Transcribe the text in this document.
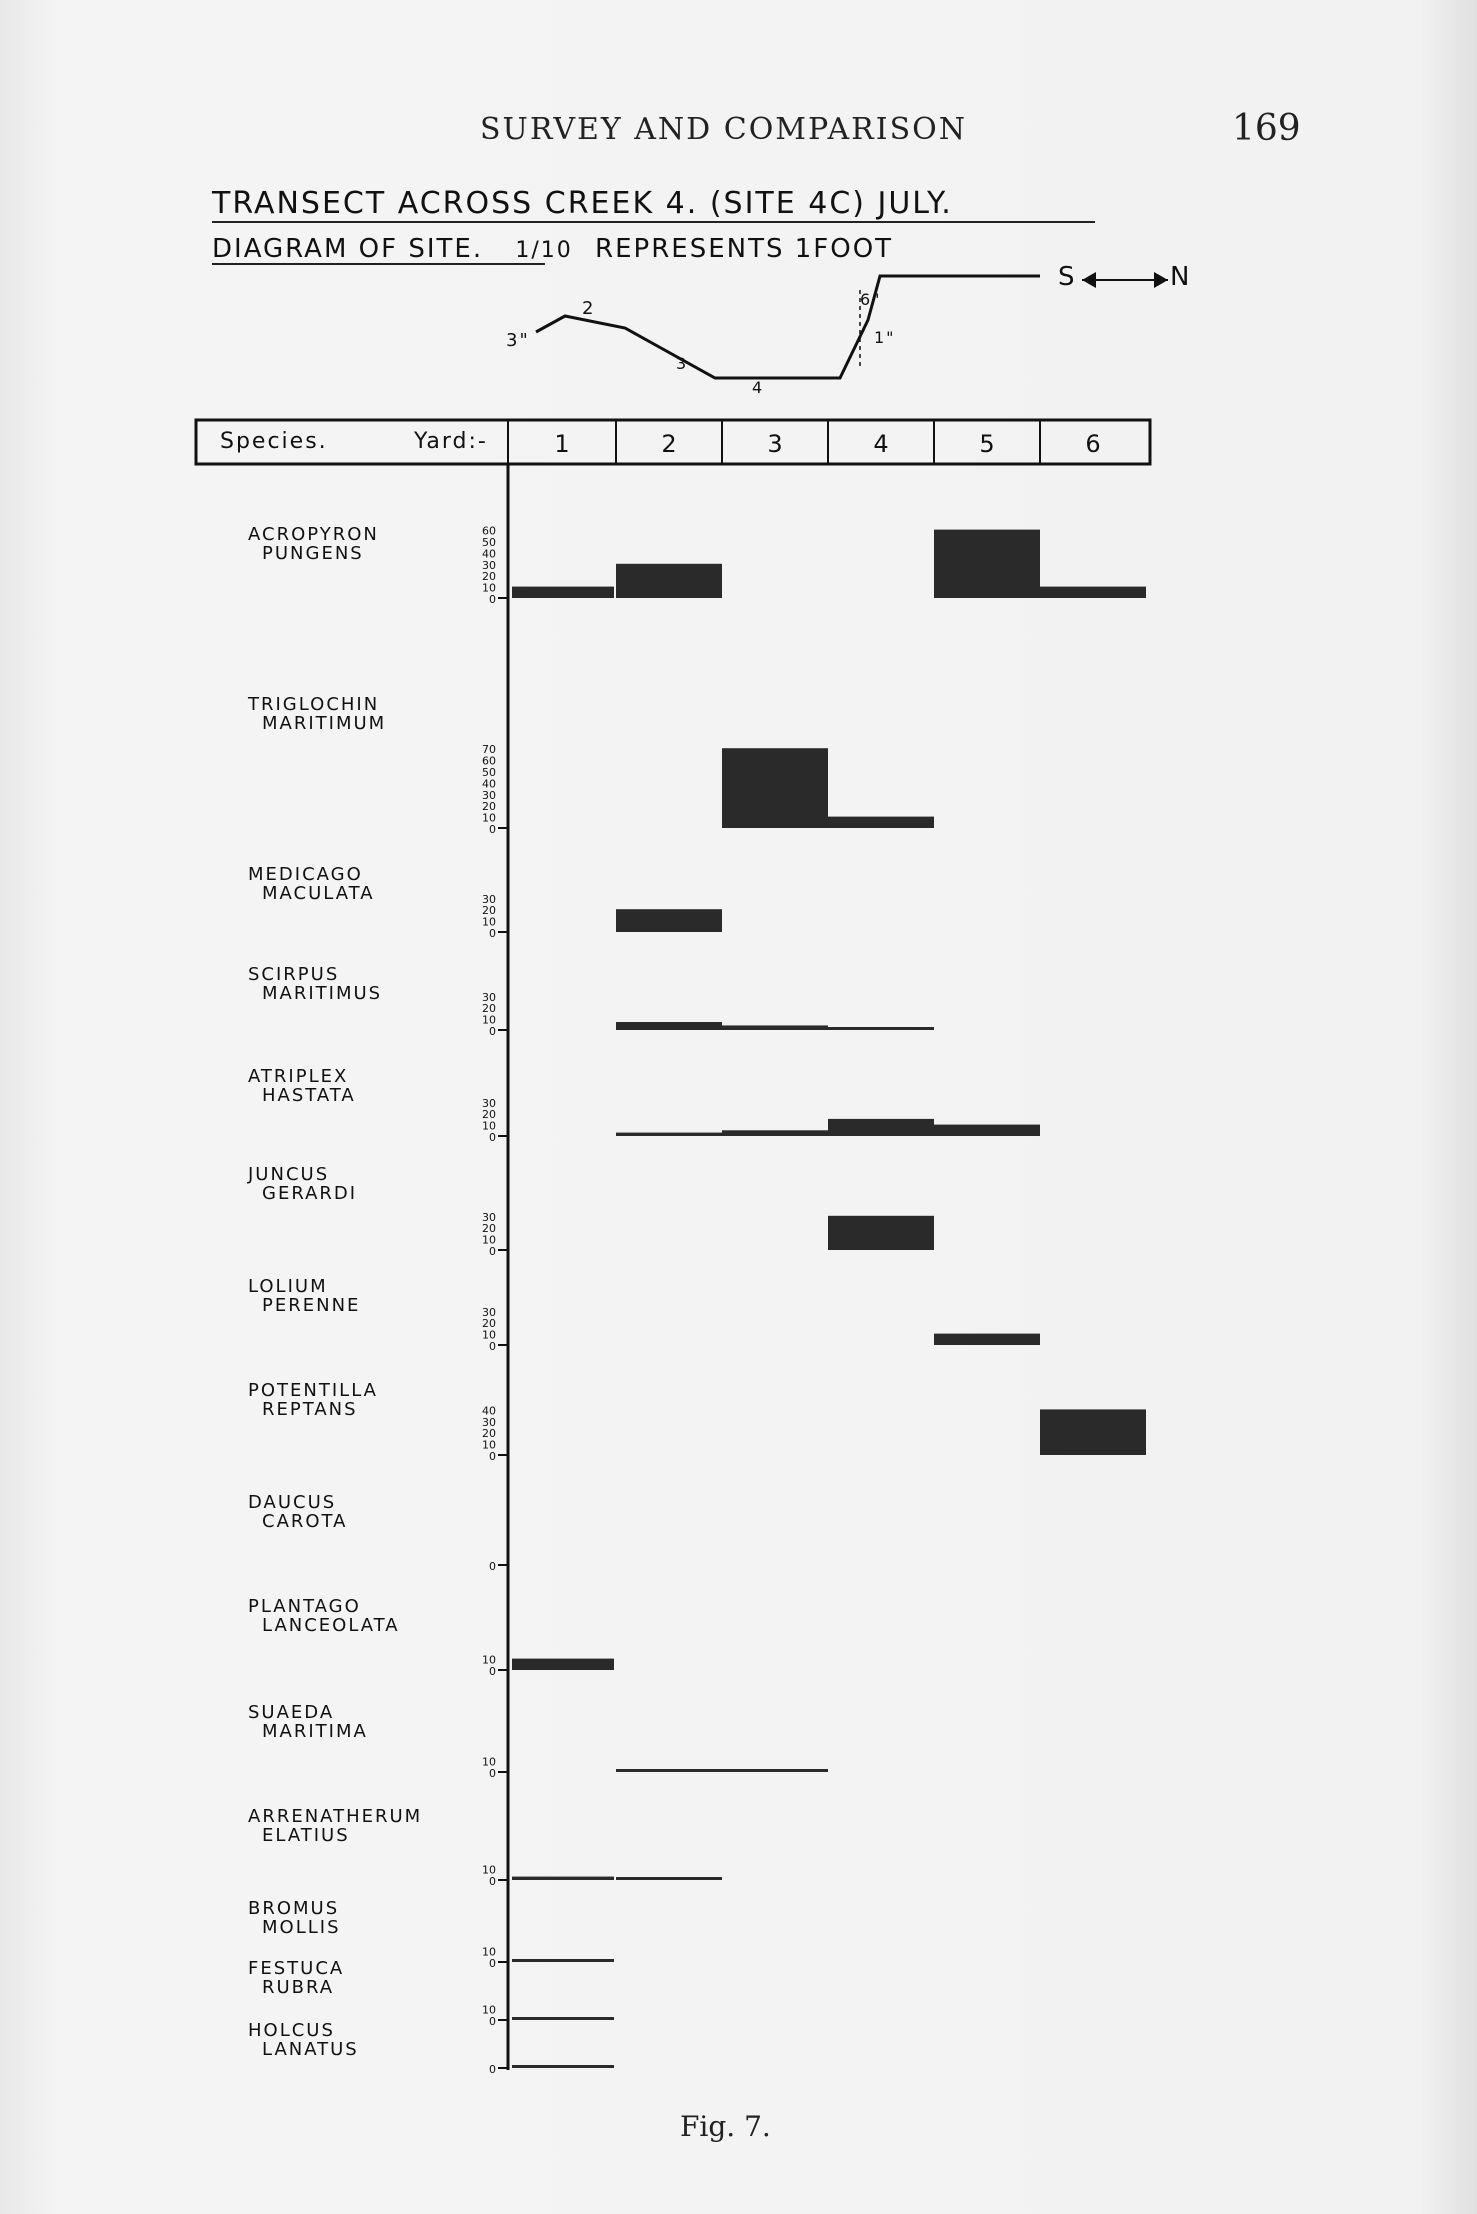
SURVEY AND COMPARISON	169
TRANSECT ACROSS CREEK 4. (SITE 4C) JULY.
DIAGRAM OF SITE. 1/10 REPRESENTS 1FOOT
S	N
3"
2
3
4
6"
1"
Species.	Yard:-
ACROPYRON
PUNGENS
TRIGLOCHIN
MARITIMUM
MEDICAGO
MACULATA
SCIRPUS
MARITIMUS
ATRIPLEX
HASTATA
JUNCUS
GERARDI
LOLIUM
PERENNE
POTENTILLA
REPTANS
DAUCUS
CAROTA
PLANTAGO
LANCEOLATA
SUAEDA
MARITIMA
ARRENATHERUM
ELATIUS
BROMUS
MOLLIS
FESTUCA
RUBRA
HOLCUS
LANATUS
1	2	3	4	5	6
60
50
40
30
20
10
0
70
60
50
40
30
20
10
0
30
20
10
0
30
20
10
0
30
20
10
0
30
20
10
0
30
20
10
0
40
30
20
10
0
0
10
0
10
0
10
0
10
0
10
0
0
Fig. 7.
